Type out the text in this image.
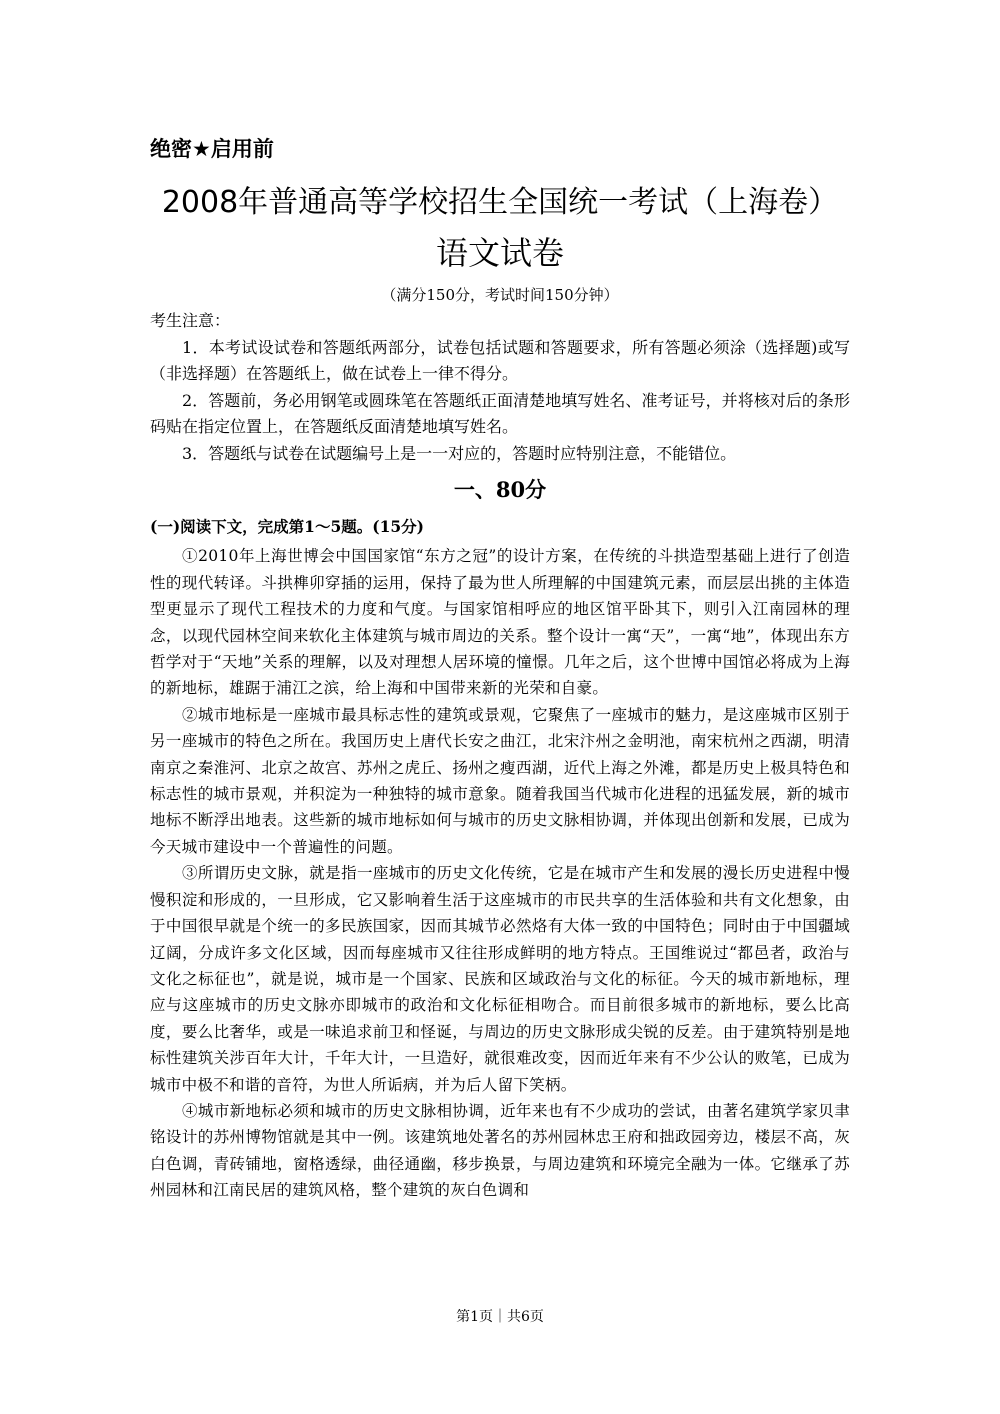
绝密★启用前
2008年普通高等学校招生全国统一考试（上海卷）
语文试卷
（满分150分，考试时间150分钟）
考生注意：

1．本考试设试卷和答题纸两部分，试卷包括试题和答题要求，所有答题必须涂（选择题)或写（非选择题）在答题纸上，做在试卷上一律不得分。

2．答题前，务必用钢笔或圆珠笔在答题纸正面清楚地填写姓名、准考证号，并将核对后的条形码贴在指定位置上，在答题纸反面清楚地填写姓名。

3．答题纸与试卷在试题编号上是一一对应的，答题时应特别注意，不能错位。

一、80分
(一)阅读下文，完成第1～5题。(15分)

①2010年上海世博会中国国家馆“东方之冠”的设计方案，在传统的斗拱造型基础上进行了创造性的现代转译。斗拱榫卯穿插的运用，保持了最为世人所理解的中国建筑元素，而层层出挑的主体造型更显示了现代工程技术的力度和气度。与国家馆相呼应的地区馆平卧其下，则引入江南园林的理念，以现代园林空间来软化主体建筑与城市周边的关系。整个设计一寓“天”，一寓“地”，体现出东方哲学对于“天地”关系的理解，以及对理想人居环境的憧憬。几年之后，这个世博中国馆必将成为上海的新地标，雄踞于浦江之滨，给上海和中国带来新的光荣和自豪。

②城市地标是一座城市最具标志性的建筑或景观，它聚焦了一座城市的魅力，是这座城市区别于另一座城市的特色之所在。我国历史上唐代长安之曲江，北宋汴州之金明池，南宋杭州之西湖，明清南京之秦淮河、北京之故宫、苏州之虎丘、扬州之瘦西湖，近代上海之外滩，都是历史上极具特色和标志性的城市景观，并积淀为一种独特的城市意象。随着我国当代城市化进程的迅猛发展，新的城市地标不断浮出地表。这些新的城市地标如何与城市的历史文脉相协调，并体现出创新和发展，已成为今天城市建设中一个普遍性的问题。

③所谓历史文脉，就是指一座城市的历史文化传统，它是在城市产生和发展的漫长历史进程中慢慢积淀和形成的，一旦形成，它又影响着生活于这座城市的市民共享的生活体验和共有文化想象，由于中国很早就是个统一的多民族国家，因而其城节必然烙有大体一致的中国特色；同时由于中国疆域辽阔，分成许多文化区域，因而每座城市又往往形成鲜明的地方特点。王国维说过“都邑者，政治与文化之标征也”，就是说，城市是一个国家、民族和区域政治与文化的标征。今天的城市新地标，理应与这座城市的历史文脉亦即城市的政治和文化标征相吻合。而目前很多城市的新地标，要么比高度，要么比奢华，或是一味追求前卫和怪诞，与周边的历史文脉形成尖锐的反差。由于建筑特别是地标性建筑关涉百年大计，千年大计，一旦造好，就很难改变，因而近年来有不少公认的败笔，已成为城市中极不和谐的音符，为世人所诟病，并为后人留下笑柄。

④城市新地标必须和城市的历史文脉相协调，近年来也有不少成功的尝试，由著名建筑学家贝聿铭设计的苏州博物馆就是其中一例。该建筑地处著名的苏州园林忠王府和拙政园旁边，楼层不高，灰白色调，青砖铺地，窗格透绿，曲径通幽，移步换景，与周边建筑和环境完全融为一体。它继承了苏州园林和江南民居的建筑风格，整个建筑的灰白色调和

第1页｜共6页
